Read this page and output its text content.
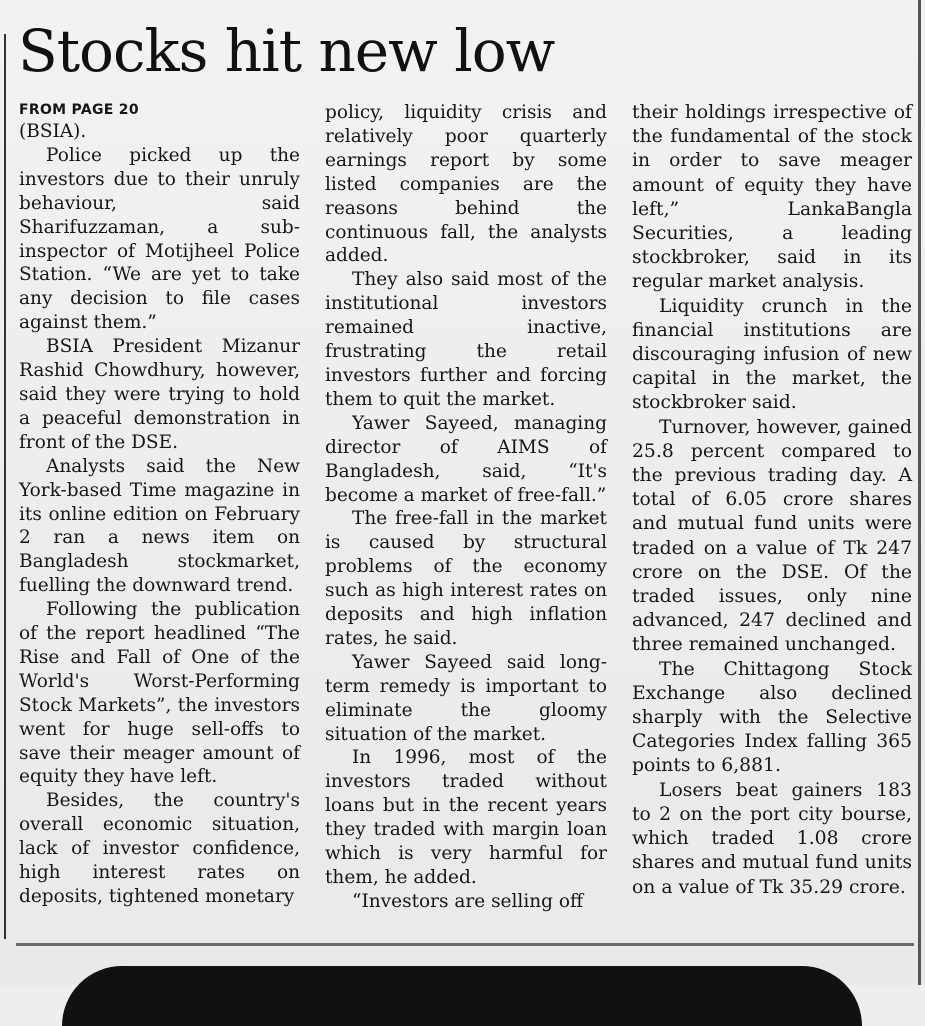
Stocks hit new low
FROM PAGE 20

(BSIA).

Police picked up the investors due to their unruly behaviour, said Sharifuzzaman, a sub-inspector of Motijheel Police Station. “We are yet to take any decision to file cases against them.”

BSIA President Mizanur Rashid Chowdhury, however, said they were trying to hold a peaceful demonstration in front of the DSE.

Analysts said the New York-based Time magazine in its online edition on February 2 ran a news item on Bangladesh stockmarket, fuelling the downward trend.

Following the publication of the report headlined “The Rise and Fall of One of the World's Worst-Performing Stock Markets”, the investors went for huge sell-offs to save their meager amount of equity they have left.

Besides, the country's overall economic situation, lack of investor confidence, high interest rates on deposits, tightened monetary

policy, liquidity crisis and relatively poor quarterly earnings report by some listed companies are the reasons behind the continuous fall, the analysts added.

They also said most of the institutional investors remained inactive, frustrating the retail investors further and forcing them to quit the market.

Yawer Sayeed, managing director of AIMS of Bangladesh, said, “It's become a market of free-fall.”

The free-fall in the market is caused by structural problems of the economy such as high interest rates on deposits and high inflation rates, he said.

Yawer Sayeed said long-term remedy is important to eliminate the gloomy situation of the market.

In 1996, most of the investors traded without loans but in the recent years they traded with margin loan which is very harmful for them, he added.

“Investors are selling off

their holdings irrespective of the fundamental of the stock in order to save meager amount of equity they have left,” LankaBangla Securities, a leading stockbroker, said in its regular market analysis.

Liquidity crunch in the financial institutions are discouraging infusion of new capital in the market, the stockbroker said.

Turnover, however, gained 25.8 percent compared to the previous trading day. A total of 6.05 crore shares and mutual fund units were traded on a value of Tk 247 crore on the DSE. Of the traded issues, only nine advanced, 247 declined and three remained unchanged.

The Chittagong Stock Exchange also declined sharply with the Selective Categories Index falling 365 points to 6,881.

Losers beat gainers 183 to 2 on the port city bourse, which traded 1.08 crore shares and mutual fund units on a value of Tk 35.29 crore.
